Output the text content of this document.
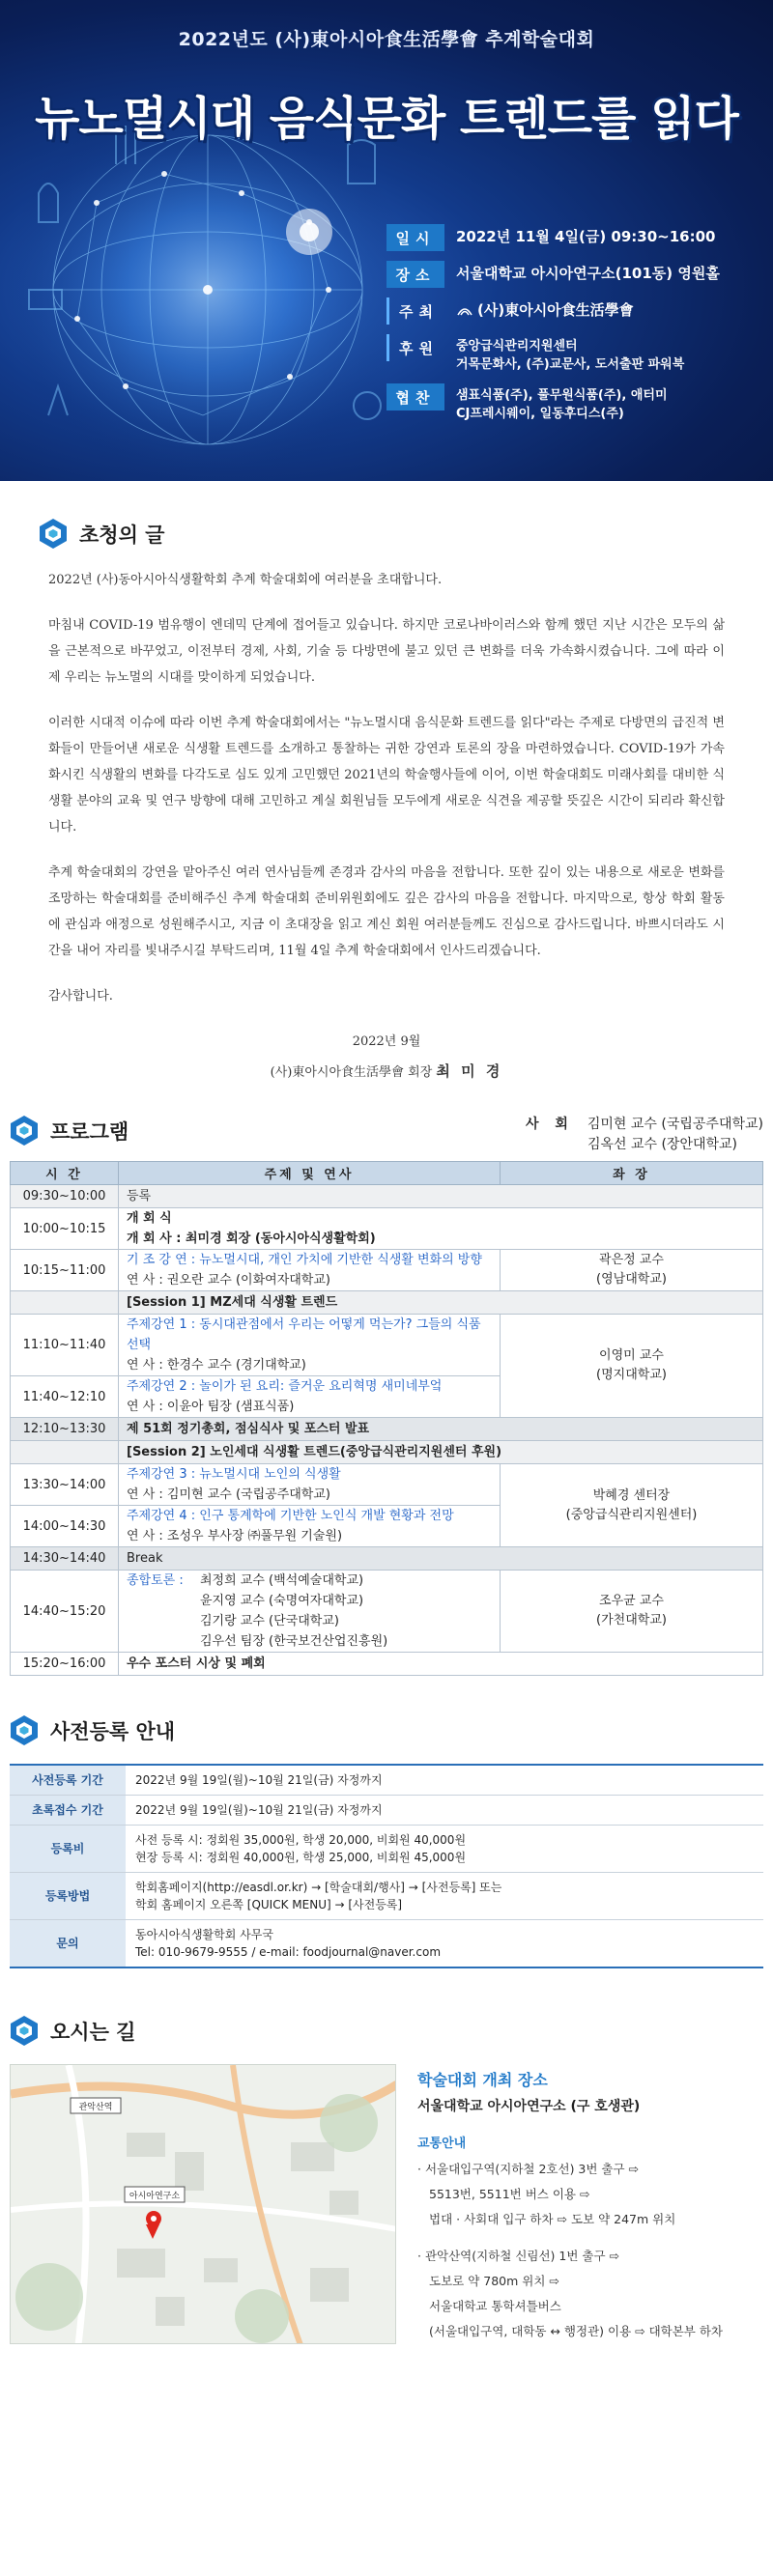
2022년도 (사)東아시아食生活學會 추계학술대회
뉴노멀시대 음식문화 트렌드를 읽다
일시	2022년 11월 4일(금) 09:30~16:00
장소	서울대학교 아시아연구소(101동) 영원홀
주최	(사)東아시아食生活學會
후원	중앙급식관리지원센터
거목문화사, (주)교문사, 도서출판 파워북
협찬	샘표식품(주), 풀무원식품(주), 애터미
CJ프레시웨이, 일동후디스(주)
초청의 글

2022년 (사)동아시아식생활학회 추계 학술대회에 여러분을 초대합니다.

마침내 COVID-19 범유행이 엔데믹 단계에 접어들고 있습니다. 하지만 코로나바이러스와 함께 했던 지난 시간은 모두의 삶을 근본적으로 바꾸었고, 이전부터 경제, 사회, 기술 등 다방면에 불고 있던 큰 변화를 더욱 가속화시켰습니다. 그에 따라 이제 우리는 뉴노멀의 시대를 맞이하게 되었습니다.

이러한 시대적 이슈에 따라 이번 추계 학술대회에서는 "뉴노멀시대 음식문화 트렌드를 읽다"라는 주제로 다방면의 급진적 변화들이 만들어낸 새로운 식생활 트렌드를 소개하고 통찰하는 귀한 강연과 토론의 장을 마련하였습니다. COVID-19가 가속화시킨 식생활의 변화를 다각도로 심도 있게 고민했던 2021년의 학술행사들에 이어, 이번 학술대회도 미래사회를 대비한 식생활 분야의 교육 및 연구 방향에 대해 고민하고 계실 회원님들 모두에게 새로운 식견을 제공할 뜻깊은 시간이 되리라 확신합니다.

추계 학술대회의 강연을 맡아주신 여러 연사님들께 존경과 감사의 마음을 전합니다. 또한 깊이 있는 내용으로 새로운 변화를 조망하는 학술대회를 준비해주신 추계 학술대회 준비위원회에도 깊은 감사의 마음을 전합니다. 마지막으로, 항상 학회 활동에 관심과 애정으로 성원해주시고, 지금 이 초대장을 읽고 계신 회원 여러분들께도 진심으로 감사드립니다. 바쁘시더라도 시간을 내어 자리를 빛내주시길 부탁드리며, 11월 4일 추계 학술대회에서 인사드리겠습니다.

감사합니다.

2022년 9월

(사)東아시아食生活學會 회장 최 미 경

프로그램	사 회 김미현 교수 (국립공주대학교)
김옥선 교수 (장안대학교)
시 간	주제 및 연사	좌 장
09:30~10:00	등록	
10:00~10:15	개 회 식
개 회 사 : 최미경 회장 (동아시아식생활학회)	

10:15~11:00	기 조 강 연 : 뉴노멀시대, 개인 가치에 기반한 식생활 변화의 방향
연 사 : 권오란 교수 (이화여자대학교)	곽은정 교수
(영남대학교)

	[Session 1] MZ세대 식생활 트렌드	
11:10~11:40	주제강연 1 : 동시대관점에서 우리는 어떻게 먹는가? 그들의 식품선택
연 사 : 한경수 교수 (경기대학교)	이영미 교수
(명지대학교)

11:40~12:10	주제강연 2 : 놀이가 된 요리: 즐거운 요리혁명 새미네부엌
연 사 : 이윤아 팀장 (샘표식품)	

12:10~13:30	제 51회 정기총회, 점심식사 및 포스터 발표	
	[Session 2] 노인세대 식생활 트렌드(중앙급식관리지원센터 후원)	
13:30~14:00	주제강연 3 : 뉴노멀시대 노인의 식생활
연 사 : 김미현 교수 (국립공주대학교)	박혜경 센터장
(중앙급식관리지원센터)

14:00~14:30	주제강연 4 : 인구 통계학에 기반한 노인식 개발 현황과 전망
연 사 : 조성우 부사장 ㈜풀무원 기술원)	

14:30~14:40	Break	
14:40~15:20	종합토론 : 최정희 교수 (백석예술대학교)
윤지영 교수 (숙명여자대학교)
김기랑 교수 (단국대학교)
김우선 팀장 (한국보건산업진흥원)	조우균 교수
(가천대학교)

15:20~16:00	우수 포스터 시상 및 폐회	
사전등록 안내
사전등록 기간	2022년 9월 19일(월)~10월 21일(금) 자정까지
초록접수 기간	2022년 9월 19일(월)~10월 21일(금) 자정까지
등록비	사전 등록 시: 정회원 35,000원, 학생 20,000, 비회원 40,000원
현장 등록 시: 정회원 40,000원, 학생 25,000, 비회원 45,000원

등록방법	학회홈페이지(http://easdl.or.kr) → [학술대회/행사] → [사전등록] 또는
학회 홈페이지 오른쪽 [QUICK MENU] → [사전등록]

문의	동아시아식생활학회 사무국
Tel: 010-9679-9555 / e-mail: foodjournal@naver.com
오시는 길
관악산역
아시아연구소
학술대회 개최 장소
서울대학교 아시아연구소 (구 호생관)
교통안내
· 서울대입구역(지하철 2호선) 3번 출구 ⇨
5513번, 5511번 버스 이용 ⇨
법대 · 사회대 입구 하차 ⇨ 도보 약 247m 위치
· 관악산역(지하철 신림선) 1번 출구 ⇨
도보로 약 780m 위치 ⇨
서울대학교 통학셔틀버스
(서울대입구역, 대학동 ↔ 행정관) 이용 ⇨ 대학본부 하차
